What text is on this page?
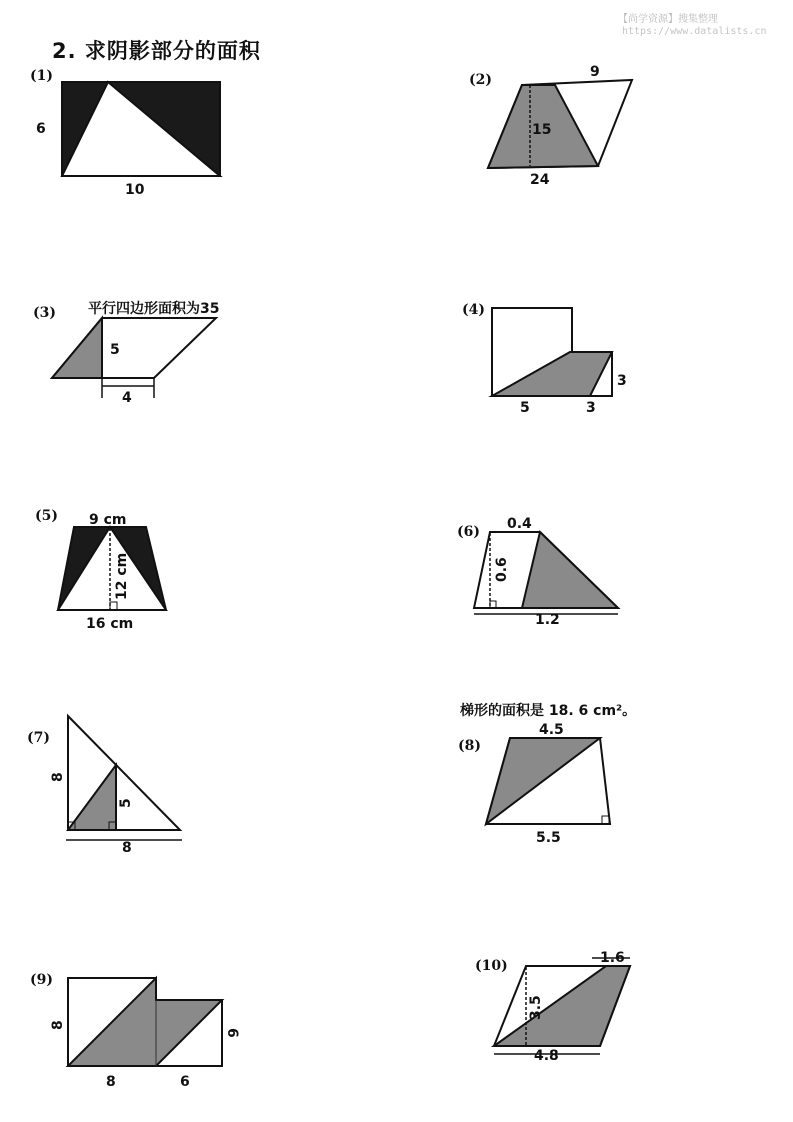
【尚学资源】搜集整理
https://www.datalists.cn
2. 求阴影部分的面积
(1)	(2)
(3) 平行四边形面积为35	(4)
(5)
(6)
(7)
梯形的面积是 18. 6 cm²。
(8)
(9)
(10)
6
10
9
15
24
5
4
5	3
3
9 cm
12 cm
16 cm
0.4
0.6
1.2
8
5
8
4.5
5.5
8
8	6
6
1.6
3.5
4.8
